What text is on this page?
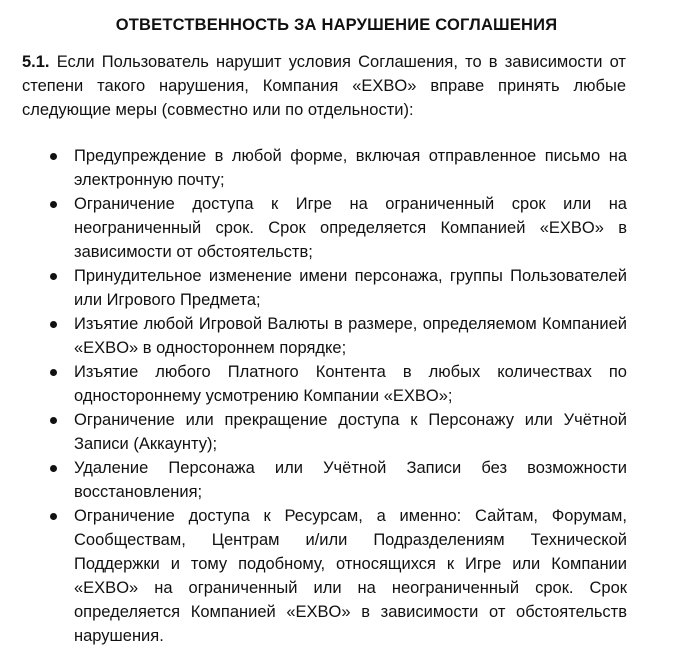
ОТВЕТСТВЕННОСТЬ ЗА НАРУШЕНИЕ СОГЛАШЕНИЯ

5.1. Если Пользователь нарушит условия Соглашения, то в зависимости от степени такого нарушения, Компания «EXBO» вправе принять любые следующие меры (совместно или по отдельности):

Предупреждение в любой форме, включая отправленное письмо на электронную почту;
Ограничение доступа к Игре на ограниченный срок или на неограниченный срок. Срок определяется Компанией «EXBO» в зависимости от обстоятельств;
Принудительное изменение имени персонажа, группы Пользователей или Игрового Предмета;
Изъятие любой Игровой Валюты в размере, определяемом Компанией «EXBO» в одностороннем порядке;
Изъятие любого Платного Контента в любых количествах по одностороннему усмотрению Компании «EXBO»;
Ограничение или прекращение доступа к Персонажу или Учётной Записи (Аккаунту);
Удаление Персонажа или Учётной Записи без возможности восстановления;
Ограничение доступа к Ресурсам, а именно: Сайтам, Форумам, Сообществам, Центрам и/или Подразделениям Технической Поддержки и тому подобному, относящихся к Игре или Компании «EXBO» на ограниченный или на неограниченный срок. Срок определяется Компанией «EXBO» в зависимости от обстоятельств нарушения.
